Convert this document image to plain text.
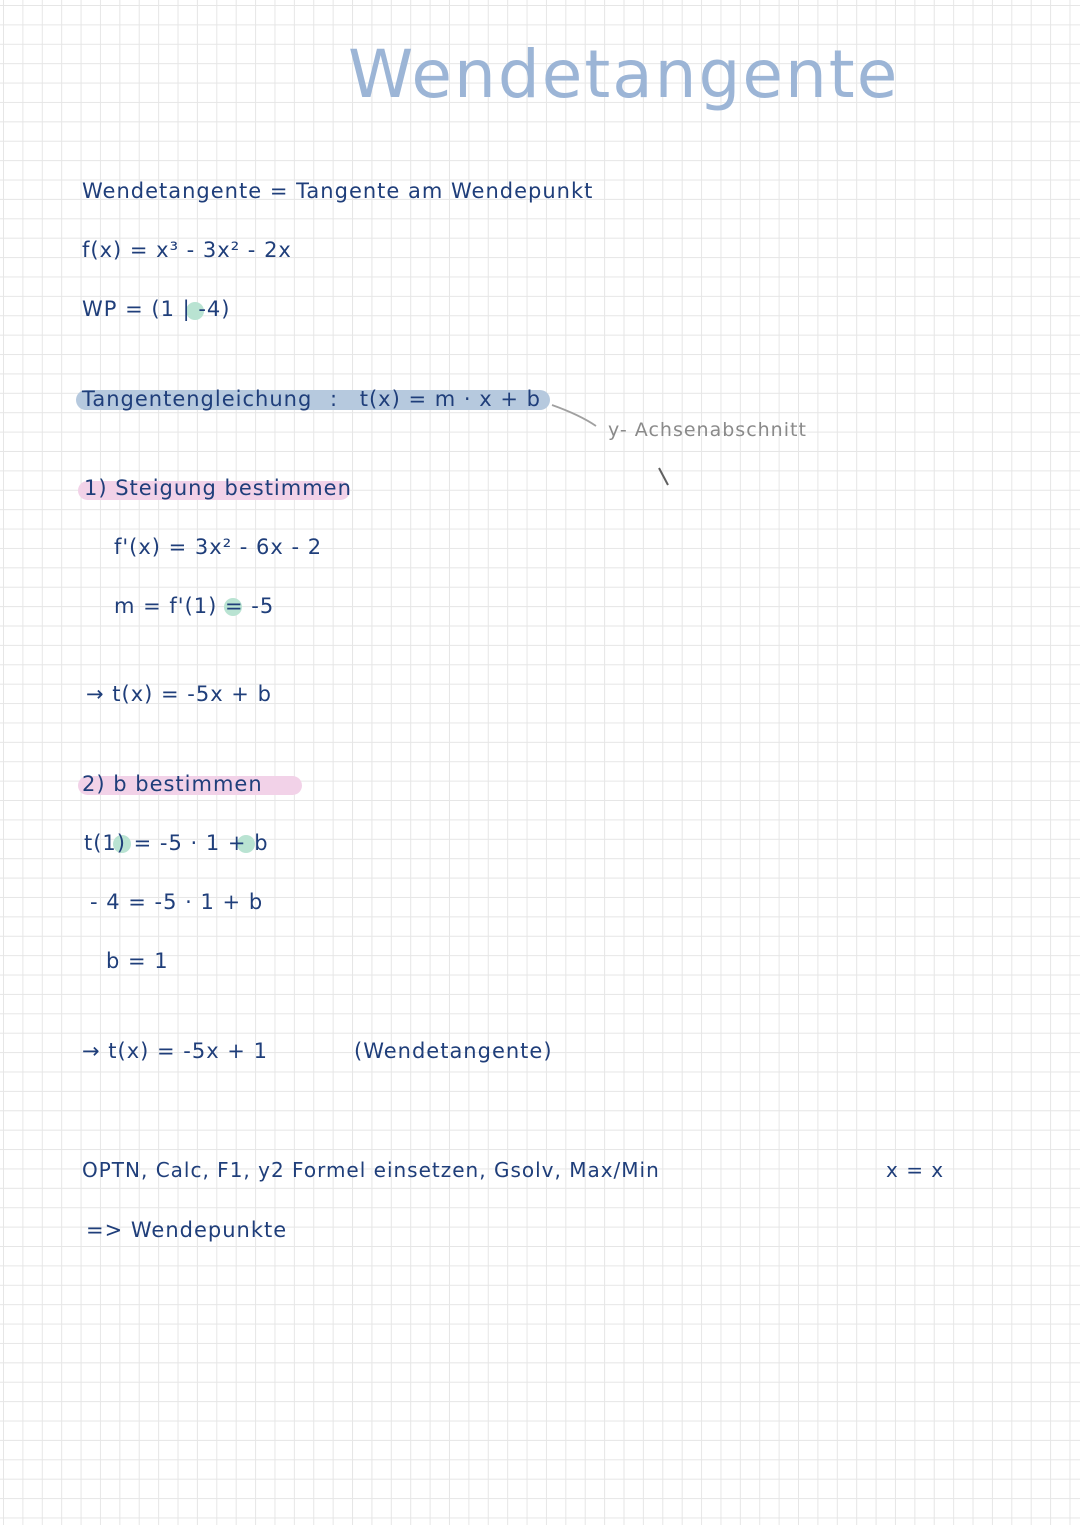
Wendetangente
Wendetangente = Tangente am Wendepunkt
f(x) = x³ - 3x² - 2x
WP = (1 | -4)
Tangentengleichung : t(x) = m · x + b
y- Achsenabschnitt
1) Steigung bestimmen
f'(x) = 3x² - 6x - 2
m = f'(1) = -5
→ t(x) = -5x + b
2) b bestimmen
t(1) = -5 · 1 + b
- 4 = -5 · 1 + b
b = 1
→ t(x) = -5x + 1	(Wendetangente)
OPTN, Calc, F1, y2 Formel einsetzen, Gsolv, Max/Min	x = x
=> Wendepunkte
